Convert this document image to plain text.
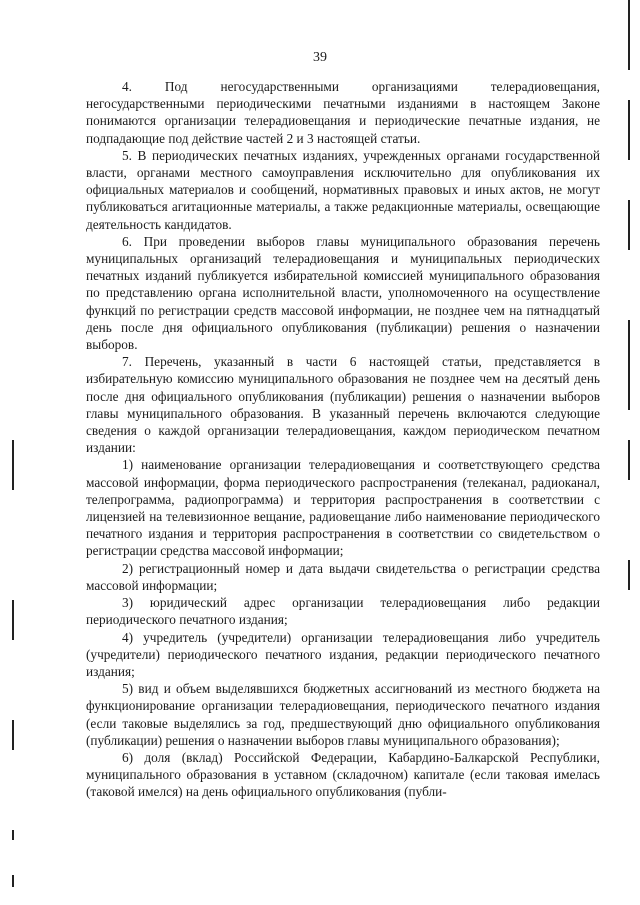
39

4. Под негосударственными организациями телерадиовещания, негосударственными периодическими печатными изданиями в настоящем Законе понимаются организации телерадиовещания и периодические печатные издания, не подпадающие под действие частей 2 и 3 настоящей статьи.

5. В периодических печатных изданиях, учрежденных органами государственной власти, органами местного самоуправления исключительно для опубликования их официальных материалов и сообщений, нормативных правовых и иных актов, не могут публиковаться агитационные материалы, а также редакционные материалы, освещающие деятельность кандидатов.

6. При проведении выборов главы муниципального образования перечень муниципальных организаций телерадиовещания и муниципальных периодических печатных изданий публикуется избирательной комиссией муниципального образования по представлению органа исполнительной власти, уполномоченного на осуществление функций по регистрации средств массовой информации, не позднее чем на пятнадцатый день после дня официального опубликования (публикации) решения о назначении выборов.

7. Перечень, указанный в части 6 настоящей статьи, представляется в избирательную комиссию муниципального образования не позднее чем на десятый день после дня официального опубликования (публикации) решения о назначении выборов главы муниципального образования. В указанный перечень включаются следующие сведения о каждой организации телерадиовещания, каждом периодическом печатном издании:

1) наименование организации телерадиовещания и соответствующего средства массовой информации, форма периодического распространения (телеканал, радиоканал, телепрограмма, радиопрограмма) и территория распространения в соответствии с лицензией на телевизионное вещание, радиовещание либо наименование периодического печатного издания и территория распространения в соответствии со свидетельством о регистрации средства массовой информации;

2) регистрационный номер и дата выдачи свидетельства о регистрации средства массовой информации;

3) юридический адрес организации телерадиовещания либо редакции периодического печатного издания;

4) учредитель (учредители) организации телерадиовещания либо учредитель (учредители) периодического печатного издания, редакции периодического печатного издания;

5) вид и объем выделявшихся бюджетных ассигнований из местного бюджета на функционирование организации телерадиовещания, периодического печатного издания (если таковые выделялись за год, предшествующий дню официального опубликования (публикации) решения о назначении выборов главы муниципального образования);

6) доля (вклад) Российской Федерации, Кабардино-Балкарской Республики, муниципального образования в уставном (складочном) капитале (если таковая имелась (таковой имелся) на день официального опубликования (публи-
